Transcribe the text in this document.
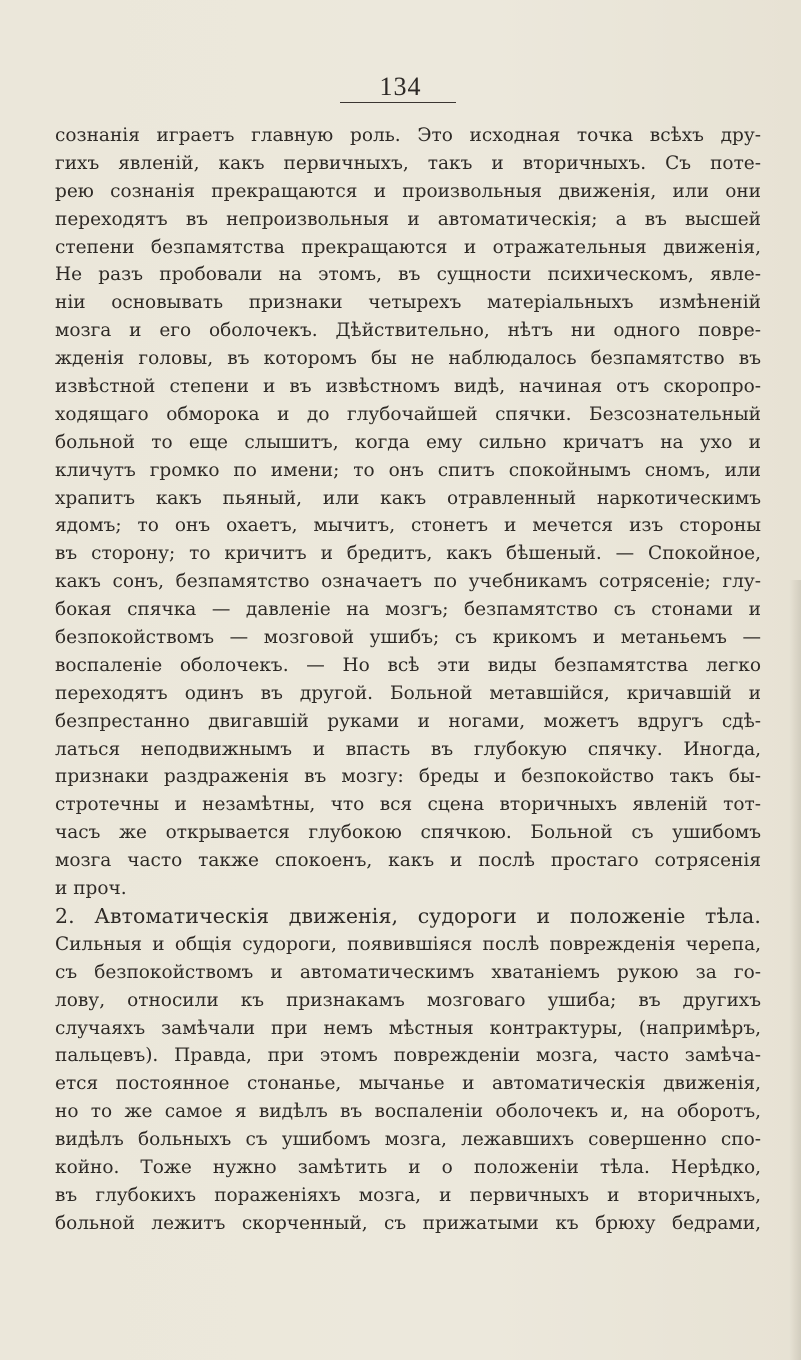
134
сознанія играетъ главную роль. Это исходная точка всѣхъ дру-
гихъ явленій, какъ первичныхъ, такъ и вторичныхъ. Съ поте-
рею сознанія прекращаются и произвольныя движенія, или они
переходятъ въ непроизвольныя и автоматическія; а въ высшей
степени безпамятства прекращаются и отражательныя движенія,
Не разъ пробовали на этомъ, въ сущности психическомъ, явле-
ніи основывать признаки четырехъ матеріальныхъ измѣненій
мозга и его оболочекъ. Дѣйствительно, нѣтъ ни одного повре-
жденія головы, въ которомъ бы не наблюдалось безпамятство въ
извѣстной степени и въ извѣстномъ видѣ, начиная отъ скоропро-
ходящаго обморока и до глубочайшей спячки. Безсознательный
больной то еще слышитъ, когда ему сильно кричатъ на ухо и
кличутъ громко по имени; то онъ спитъ спокойнымъ сномъ, или
храпитъ какъ пьяный, или какъ отравленный наркотическимъ
ядомъ; то онъ охаетъ, мычитъ, стонетъ и мечется изъ стороны
въ сторону; то кричитъ и бредитъ, какъ бѣшеный. — Спокойное,
какъ сонъ, безпамятство означаетъ по учебникамъ сотрясеніе; глу-
бокая спячка — давленіе на мозгъ; безпамятство съ стонами и
безпокойствомъ — мозговой ушибъ; съ крикомъ и метаньемъ —
воспаленіе оболочекъ. — Но всѣ эти виды безпамятства легко
переходятъ одинъ въ другой. Больной метавшійся, кричавшій и
безпрестанно двигавшій руками и ногами, можетъ вдругъ сдѣ-
латься неподвижнымъ и впасть въ глубокую спячку. Иногда,
признаки раздраженія въ мозгу: бреды и безпокойство такъ бы-
стротечны и незамѣтны, что вся сцена вторичныхъ явленій тот-
часъ же открывается глубокою спячкою. Больной съ ушибомъ
мозга часто также спокоенъ, какъ и послѣ простаго сотрясенія
и проч.
2. Автоматическія движенія, судороги и положеніе тѣла.
Сильныя и общія судороги, появившіяся послѣ поврежденія черепа,
съ безпокойствомъ и автоматическимъ хватаніемъ рукою за го-
лову, относили къ признакамъ мозговаго ушиба; въ другихъ
случаяхъ замѣчали при немъ мѣстныя контрактуры, (напримѣръ,
пальцевъ). Правда, при этомъ поврежденіи мозга, часто замѣча-
ется постоянное стонанье, мычанье и автоматическія движенія,
но то же самое я видѣлъ въ воспаленіи оболочекъ и, на оборотъ,
видѣлъ больныхъ съ ушибомъ мозга, лежавшихъ совершенно спо-
койно. Тоже нужно замѣтить и о положеніи тѣла. Нерѣдко,
въ глубокихъ пораженіяхъ мозга, и первичныхъ и вторичныхъ,
больной лежитъ скорченный, съ прижатыми къ брюху бедрами,
